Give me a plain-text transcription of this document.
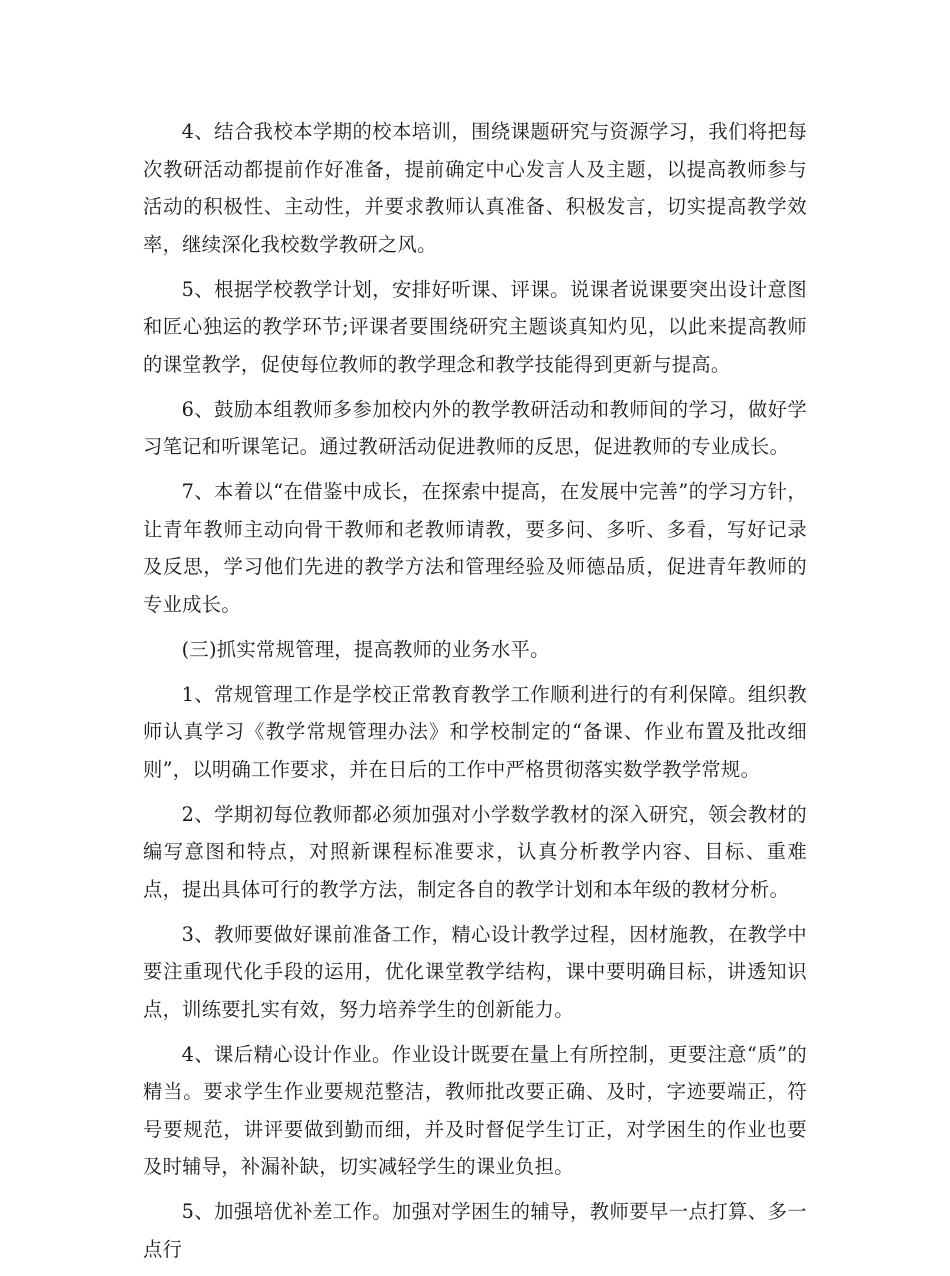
4、结合我校本学期的校本培训，围绕课题研究与资源学习，我们将把每次教研活动都提前作好准备，提前确定中心发言人及主题，以提高教师参与活动的积极性、主动性，并要求教师认真准备、积极发言，切实提高教学效率，继续深化我校数学教研之风。

5、根据学校教学计划，安排好听课、评课。说课者说课要突出设计意图和匠心独运的教学环节;评课者要围绕研究主题谈真知灼见，以此来提高教师的课堂教学，促使每位教师的教学理念和教学技能得到更新与提高。

6、鼓励本组教师多参加校内外的教学教研活动和教师间的学习，做好学习笔记和听课笔记。通过教研活动促进教师的反思，促进教师的专业成长。

7、本着以“在借鉴中成长，在探索中提高，在发展中完善”的学习方针，让青年教师主动向骨干教师和老教师请教，要多问、多听、多看，写好记录及反思，学习他们先进的教学方法和管理经验及师德品质，促进青年教师的专业成长。

(三)抓实常规管理，提高教师的业务水平。

1、常规管理工作是学校正常教育教学工作顺利进行的有利保障。组织教师认真学习《教学常规管理办法》和学校制定的“备课、作业布置及批改细则”，以明确工作要求，并在日后的工作中严格贯彻落实数学教学常规。

2、学期初每位教师都必须加强对小学数学教材的深入研究，领会教材的编写意图和特点，对照新课程标准要求，认真分析教学内容、目标、重难点，提出具体可行的教学方法，制定各自的教学计划和本年级的教材分析。

3、教师要做好课前准备工作，精心设计教学过程，因材施教，在教学中要注重现代化手段的运用，优化课堂教学结构，课中要明确目标，讲透知识点，训练要扎实有效，努力培养学生的创新能力。

4、课后精心设计作业。作业设计既要在量上有所控制，更要注意“质”的精当。要求学生作业要规范整洁，教师批改要正确、及时，字迹要端正，符号要规范，讲评要做到勤而细，并及时督促学生订正，对学困生的作业也要及时辅导，补漏补缺，切实减轻学生的课业负担。

5、加强培优补差工作。加强对学困生的辅导，教师要早一点打算、多一点行
